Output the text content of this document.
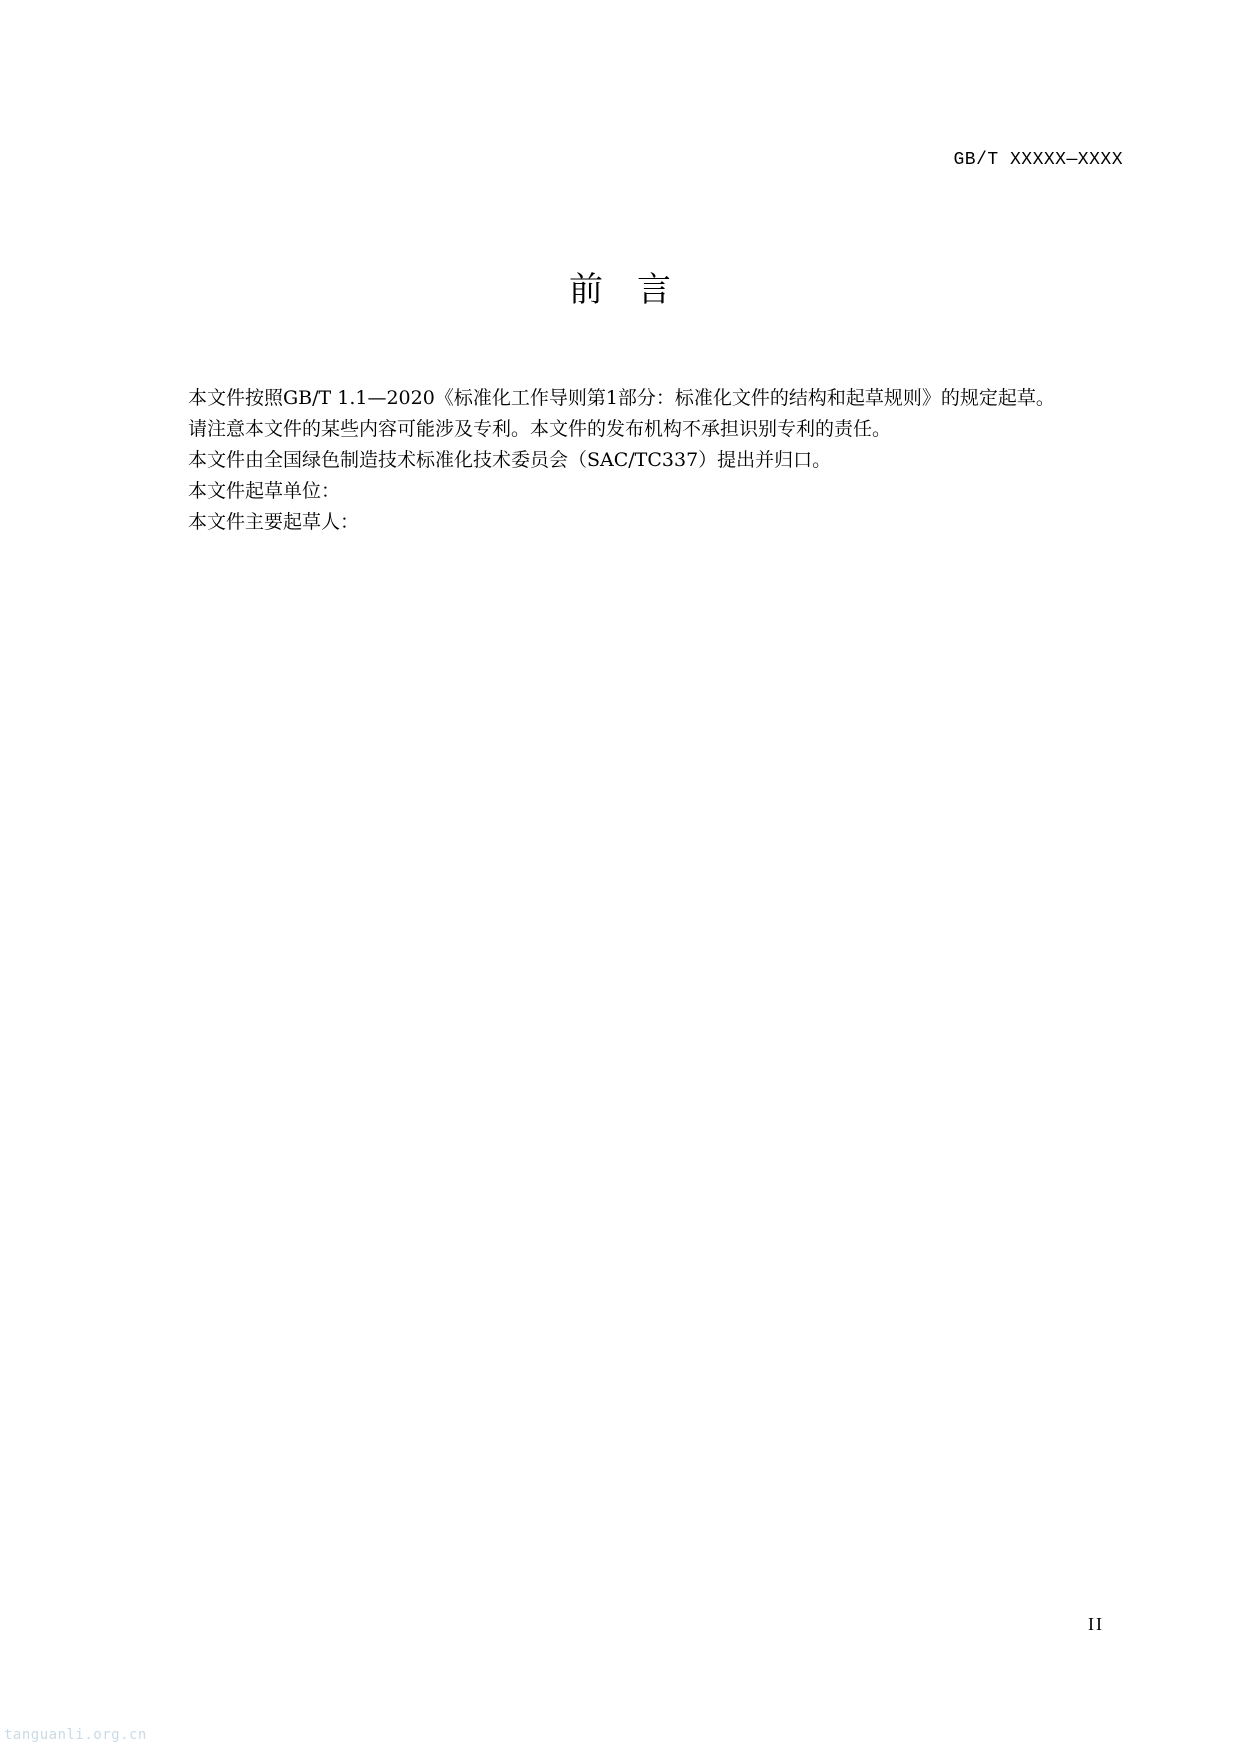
GB/T XXXXX—XXXX
前 言

本文件按照GB/T 1.1—2020《标准化工作导则第1部分：标准化文件的结构和起草规则》的规定起草。

请注意本文件的某些内容可能涉及专利。本文件的发布机构不承担识别专利的责任。

本文件由全国绿色制造技术标准化技术委员会（SAC/TC337）提出并归口。

本文件起草单位：

本文件主要起草人：

II
tanguanli.org.cn
